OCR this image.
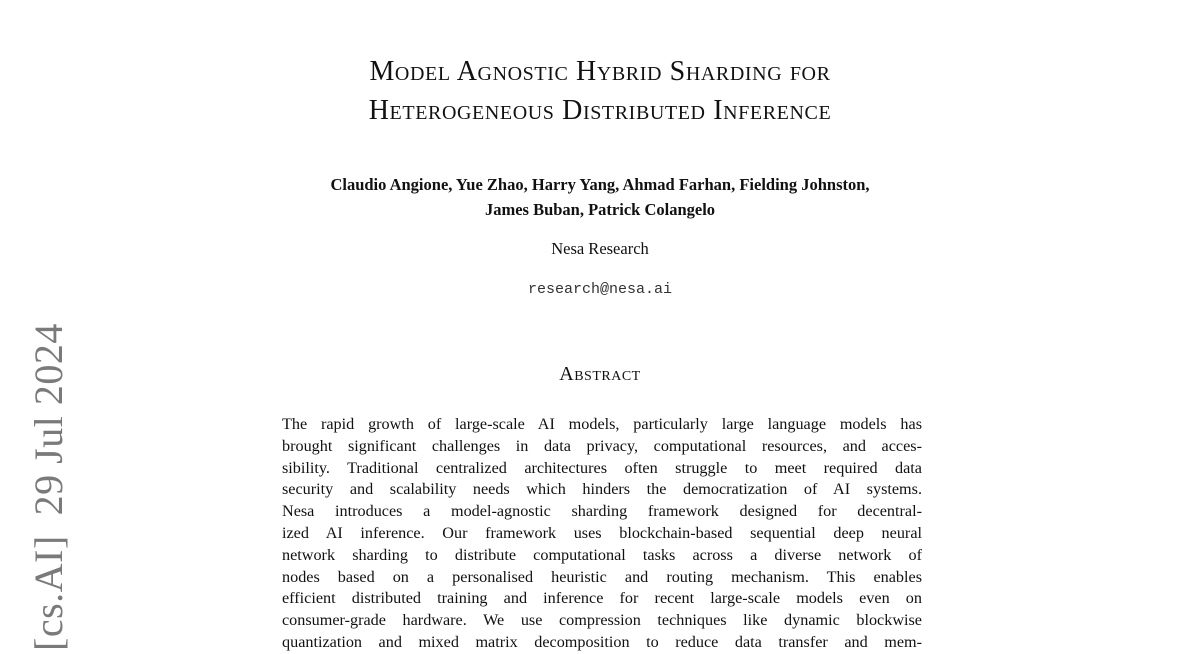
[cs.AI]29 Jul 2024
Model Agnostic Hybrid Sharding for
Heterogeneous Distributed Inference
Claudio Angione, Yue Zhao, Harry Yang, Ahmad Farhan, Fielding Johnston,
James Buban, Patrick Colangelo
Nesa Research
research@nesa.ai
Abstract
The rapid growth of large-scale AI models, particularly large language models has
brought significant challenges in data privacy, computational resources, and acces-
sibility. Traditional centralized architectures often struggle to meet required data
security and scalability needs which hinders the democratization of AI systems.
Nesa introduces a model-agnostic sharding framework designed for decentral-
ized AI inference. Our framework uses blockchain-based sequential deep neural
network sharding to distribute computational tasks across a diverse network of
nodes based on a personalised heuristic and routing mechanism. This enables
efficient distributed training and inference for recent large-scale models even on
consumer-grade hardware. We use compression techniques like dynamic blockwise
quantization and mixed matrix decomposition to reduce data transfer and mem-
